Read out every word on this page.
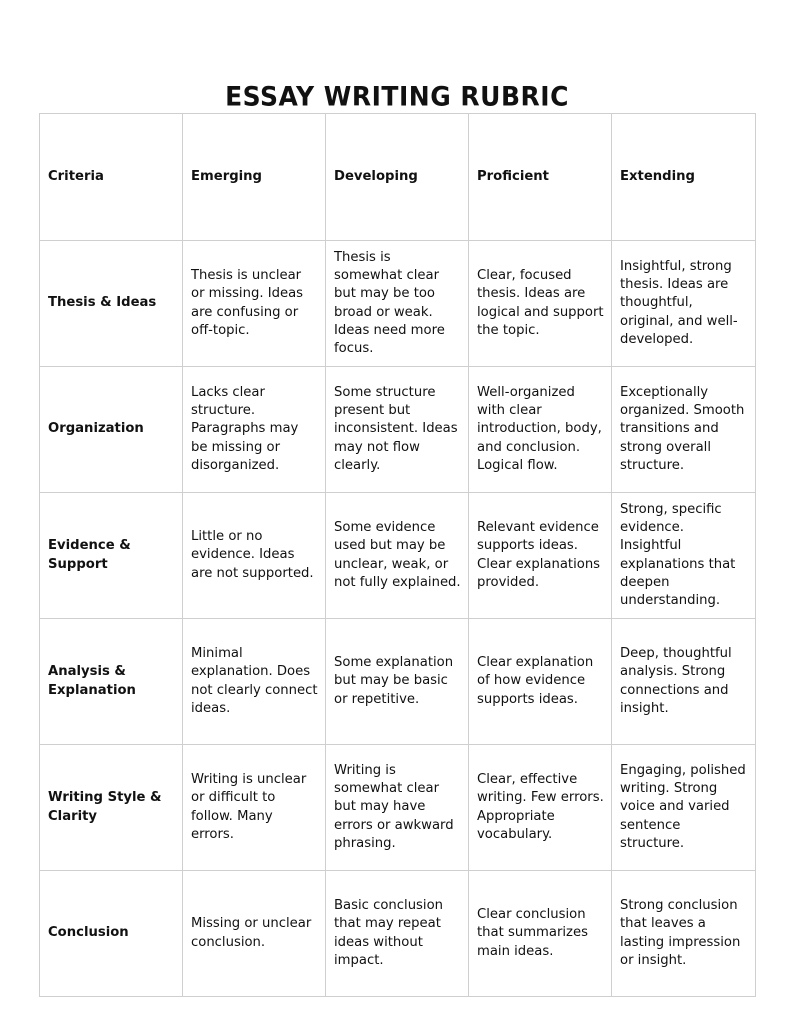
ESSAY WRITING RUBRIC
Criteria	Emerging	Developing	Proficient	Extending
Thesis & Ideas	Thesis is unclear or missing. Ideas are confusing or off-topic.	Thesis is somewhat clear but may be too broad or weak. Ideas need more focus.	Clear, focused thesis. Ideas are logical and support the topic.	Insightful, strong thesis. Ideas are thoughtful, original, and well-developed.
Organization	Lacks clear structure. Paragraphs may be missing or disorganized.	Some structure present but inconsistent. Ideas may not flow clearly.	Well-organized with clear introduction, body, and conclusion. Logical flow.	Exceptionally organized. Smooth transitions and strong overall structure.
Evidence & Support	Little or no evidence. Ideas are not supported.	Some evidence used but may be unclear, weak, or not fully explained.	Relevant evidence supports ideas. Clear explanations provided.	Strong, specific evidence. Insightful explanations that deepen understanding.
Analysis & Explanation	Minimal explanation. Does not clearly connect ideas.	Some explanation but may be basic or repetitive.	Clear explanation of how evidence supports ideas.	Deep, thoughtful analysis. Strong connections and insight.
Writing Style & Clarity	Writing is unclear or difficult to follow. Many errors.	Writing is somewhat clear but may have errors or awkward phrasing.	Clear, effective writing. Few errors. Appropriate vocabulary.	Engaging, polished writing. Strong voice and varied sentence structure.
Conclusion	Missing or unclear conclusion.	Basic conclusion that may repeat ideas without impact.	Clear conclusion that summarizes main ideas.	Strong conclusion that leaves a lasting impression or insight.
